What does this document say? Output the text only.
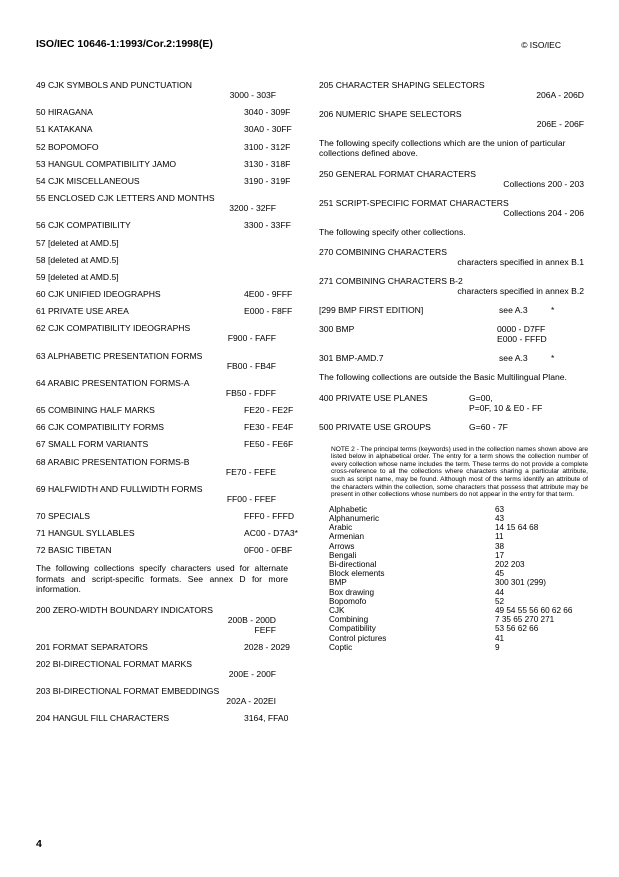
ISO/IEC 10646-1:1993/Cor.2:1998(E)	© ISO/IEC
49 CJK SYMBOLS AND PUNCTUATION
3000 - 303F
50 HIRAGANA	3040 - 309F
51 KATAKANA	30A0 - 30FF
52 BOPOMOFO	3100 - 312F
53 HANGUL COMPATIBILITY JAMO	3130 - 318F
54 CJK MISCELLANEOUS	3190 - 319F
55 ENCLOSED CJK LETTERS AND MONTHS
3200 - 32FF
56 CJK COMPATIBILITY	3300 - 33FF
57 [deleted at AMD.5]
58 [deleted at AMD.5]
59 [deleted at AMD.5]
60 CJK UNIFIED IDEOGRAPHS	4E00 - 9FFF
61 PRIVATE USE AREA	E000 - F8FF
62 CJK COMPATIBILITY IDEOGRAPHS
F900 - FAFF
63 ALPHABETIC PRESENTATION FORMS
FB00 - FB4F
64 ARABIC PRESENTATION FORMS-A
FB50 - FDFF
65 COMBINING HALF MARKS	FE20 - FE2F
66 CJK COMPATIBILITY FORMS	FE30 - FE4F
67 SMALL FORM VARIANTS	FE50 - FE6F
68 ARABIC PRESENTATION FORMS-B
FE70 - FEFE
69 HALFWIDTH AND FULLWIDTH FORMS
FF00 - FFEF
70 SPECIALS	FFF0 - FFFD
71 HANGUL SYLLABLES	AC00 - D7A3*
72 BASIC TIBETAN	0F00 - 0FBF
The following collections specify characters used for alternate formats and script-specific formats. See annex D for more information.
200 ZERO-WIDTH BOUNDARY INDICATORS
200B - 200D
FEFF
201 FORMAT SEPARATORS	2028 - 2029
202 BI-DIRECTIONAL FORMAT MARKS
200E - 200F
203 BI-DIRECTIONAL FORMAT EMBEDDINGS
202A - 202EI
204 HANGUL FILL CHARACTERS	3164, FFA0
205 CHARACTER SHAPING SELECTORS
206A - 206D
206 NUMERIC SHAPE SELECTORS
206E - 206F
The following specify collections which are the union of particular collections defined above.
250 GENERAL FORMAT CHARACTERS
Collections 200 - 203
251 SCRIPT-SPECIFIC FORMAT CHARACTERS
Collections 204 - 206
The following specify other collections.
270 COMBINING CHARACTERS
characters specified in annex B.1
271 COMBINING CHARACTERS B-2
characters specified in annex B.2
[299 BMP FIRST EDITION]	see A.3	*
300 BMP	0000 - D7FF
E000 - FFFD
301 BMP-AMD.7	see A.3	*
The following collections are outside the Basic Multilingual Plane.
400 PRIVATE USE PLANES	G=00,
P=0F, 10 & E0 - FF
500 PRIVATE USE GROUPS	G=60 - 7F
NOTE 2 - The principal terms (keywords) used in the collection names shown above are listed below in alphabetical order. The entry for a term shows the collection number of every collection whose name includes the term. These terms do not provide a complete cross-reference to all the collections where characters sharing a particular attribute, such as script name, may be found. Although most of the terms identify an attribute of the characters within the collection, some characters that possess that attribute may be present in other collections whose numbers do not appear in the entry for that term.
Alphabetic	63
Alphanumeric	43
Arabic	14 15 64 68
Armenian	11
Arrows	38
Bengali	17
Bi-directional	202 203
Block elements	45
BMP	300 301 (299)
Box drawing	44
Bopomofo	52
CJK	49 54 55 56 60 62 66
Combining	7 35 65 270 271
Compatibility	53 56 62 66
Control pictures	41
Coptic	9
4
